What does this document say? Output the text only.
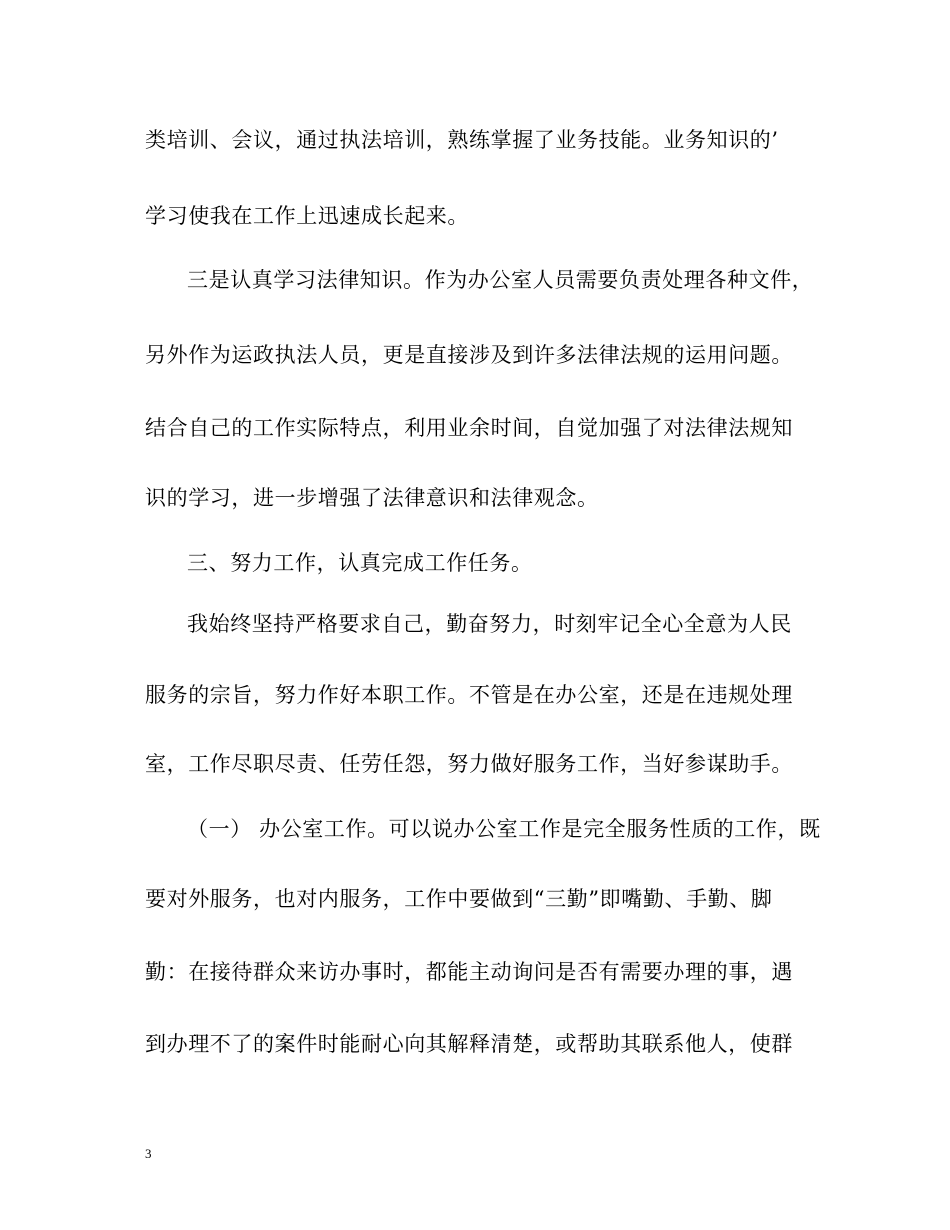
类培训、会议，通过执法培训，熟练掌握了业务技能。业务知识的’
学习使我在工作上迅速成长起来。
三是认真学习法律知识。作为办公室人员需要负责处理各种文件，
另外作为运政执法人员，更是直接涉及到许多法律法规的运用问题。
结合自己的工作实际特点，利用业余时间，自觉加强了对法律法规知
识的学习，进一步增强了法律意识和法律观念。
三、努力工作，认真完成工作任务。
我始终坚持严格要求自己，勤奋努力，时刻牢记全心全意为人民
服务的宗旨，努力作好本职工作。不管是在办公室，还是在违规处理
室，工作尽职尽责、任劳任怨，努力做好服务工作，当好参谋助手。
（一） 办公室工作。可以说办公室工作是完全服务性质的工作，既
要对外服务，也对内服务，工作中要做到“三勤”即嘴勤、手勤、脚
勤：在接待群众来访办事时，都能主动询问是否有需要办理的事，遇
到办理不了的案件时能耐心向其解释清楚，或帮助其联系他人，使群
3
